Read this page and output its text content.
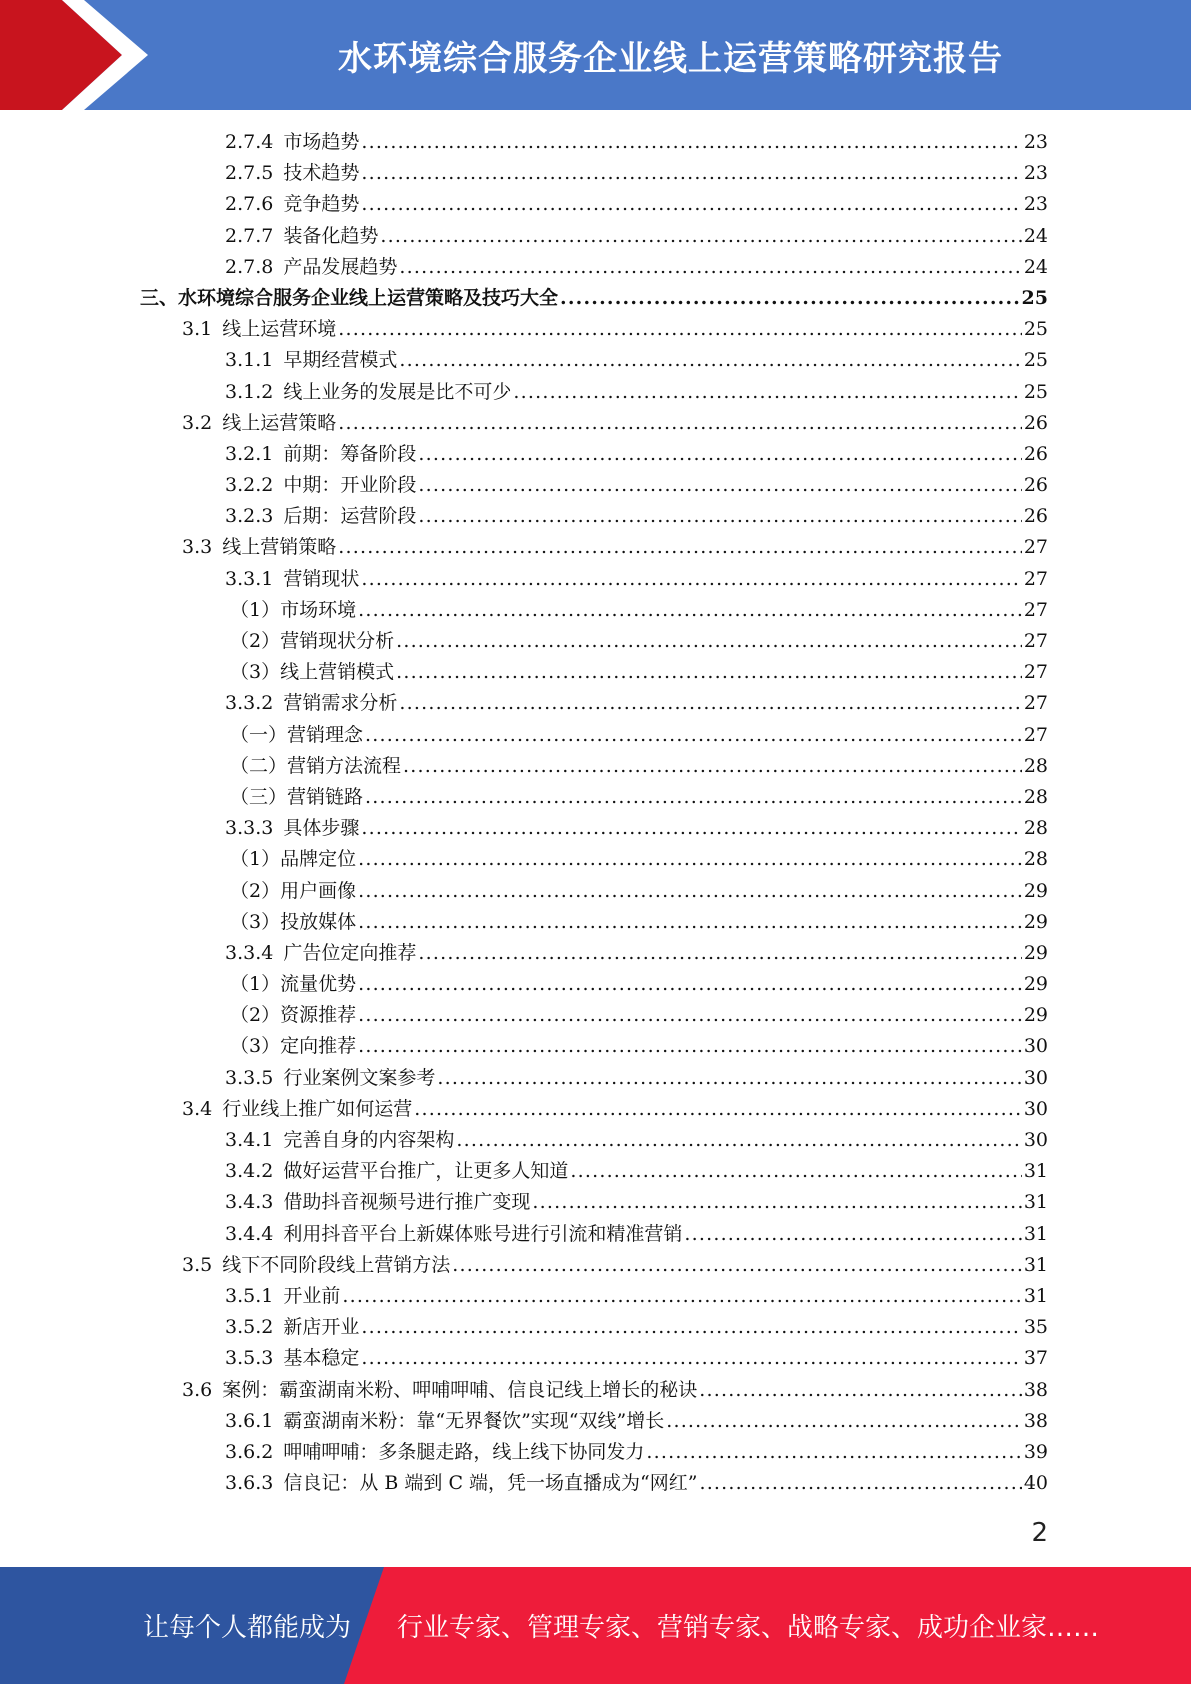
水环境综合服务企业线上运营策略研究报告
2.7.4 市场趋势 .....	23
2.7.5 技术趋势 .....	23
2.7.6 竞争趋势 .....	23
2.7.7 装备化趋势 .....	24
2.7.8 产品发展趋势 .....	24
三、水环境综合服务企业线上运营策略及技巧大全 .....	25
3.1 线上运营环境 .....	25
3.1.1 早期经营模式 .....	25
3.1.2 线上业务的发展是比不可少 .....	25
3.2 线上运营策略 .....	26
3.2.1 前期：筹备阶段 .....	26
3.2.2 中期：开业阶段 .....	26
3.2.3 后期：运营阶段 .....	26
3.3 线上营销策略 .....	27
3.3.1 营销现状 .....	27
（1）市场环境 .....	27
（2）营销现状分析 .....	27
（3）线上营销模式 .....	27
3.3.2 营销需求分析 .....	27
（一）营销理念 .....	27
（二）营销方法流程 .....	28
（三）营销链路 .....	28
3.3.3 具体步骤 .....	28
（1）品牌定位 .....	28
（2）用户画像 .....	29
（3）投放媒体 .....	29
3.3.4 广告位定向推荐 .....	29
（1）流量优势 .....	29
（2）资源推荐 .....	29
（3）定向推荐 .....	30
3.3.5 行业案例文案参考 .....	30
3.4 行业线上推广如何运营 .....	30
3.4.1 完善自身的内容架构 .....	30
3.4.2 做好运营平台推广，让更多人知道 .....	31
3.4.3 借助抖音视频号进行推广变现 .....	31
3.4.4 利用抖音平台上新媒体账号进行引流和精准营销 .....	31
3.5 线下不同阶段线上营销方法 .....	31
3.5.1 开业前 .....	31
3.5.2 新店开业 .....	35
3.5.3 基本稳定 .....	37
3.6 案例：霸蛮湖南米粉、呷哺呷哺、信良记线上增长的秘诀 .....	38
3.6.1 霸蛮湖南米粉：靠“无界餐饮”实现“双线”增长 .....	38
3.6.2 呷哺呷哺：多条腿走路，线上线下协同发力 .....	39
3.6.3 信良记：从 B 端到 C 端，凭一场直播成为“网红” .....	40
2
让每个人都能成为 行业专家、管理专家、营销专家、战略专家、成功企业家……
